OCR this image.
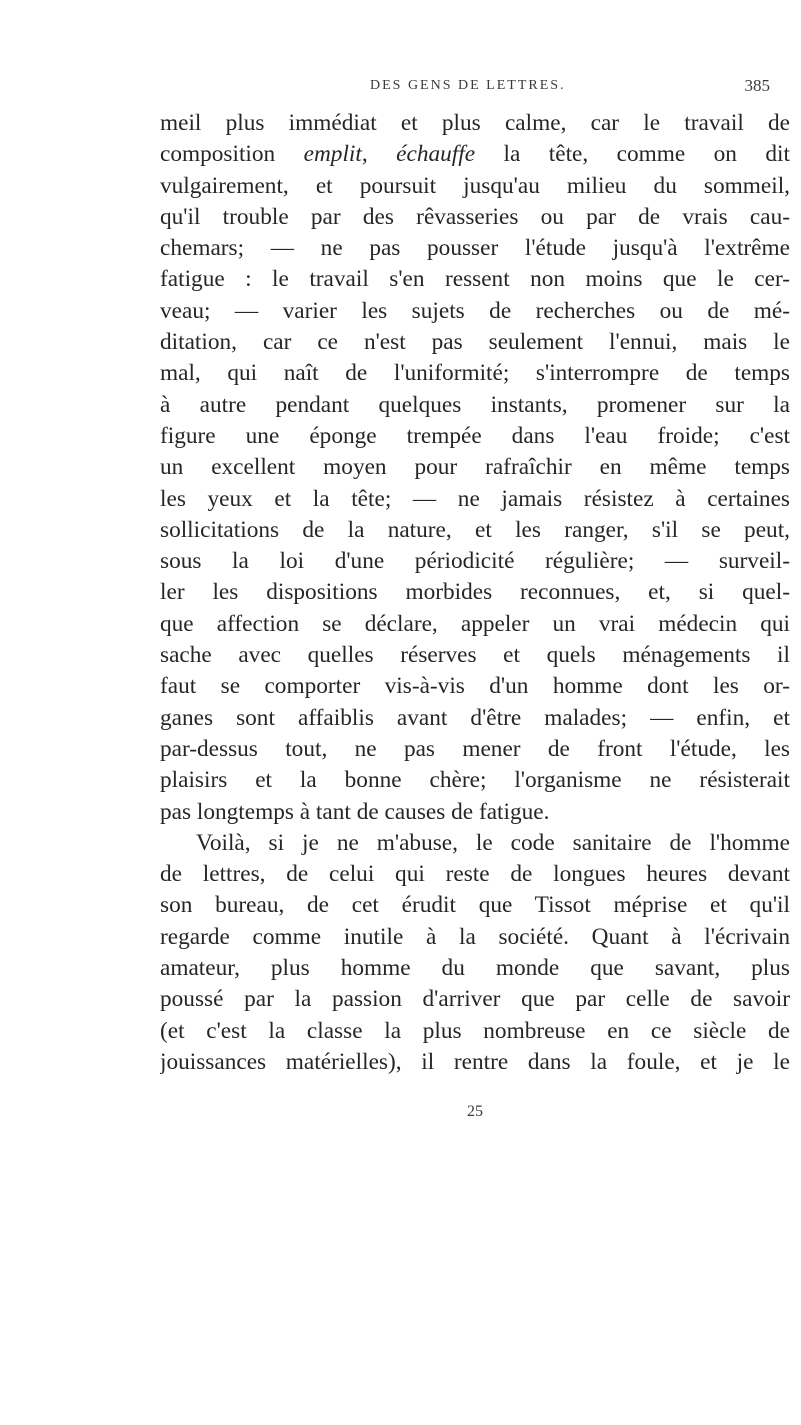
DES GENS DE LETTRES.	385
meil plus immédiat et plus calme, car le travail de
composition emplit, échauffe la tête, comme on dit
vulgairement, et poursuit jusqu'au milieu du sommeil,
qu'il trouble par des rêvasseries ou par de vrais cau-
chemars; — ne pas pousser l'étude jusqu'à l'extrême
fatigue : le travail s'en ressent non moins que le cer-
veau; — varier les sujets de recherches ou de mé-
ditation, car ce n'est pas seulement l'ennui, mais le
mal, qui naît de l'uniformité; s'interrompre de temps
à autre pendant quelques instants, promener sur la
figure une éponge trempée dans l'eau froide; c'est
un excellent moyen pour rafraîchir en même temps
les yeux et la tête; — ne jamais résistez à certaines
sollicitations de la nature, et les ranger, s'il se peut,
sous la loi d'une périodicité régulière; — surveil-
ler les dispositions morbides reconnues, et, si quel-
que affection se déclare, appeler un vrai médecin qui
sache avec quelles réserves et quels ménagements il
faut se comporter vis-à-vis d'un homme dont les or-
ganes sont affaiblis avant d'être malades; — enfin, et
par-dessus tout, ne pas mener de front l'étude, les
plaisirs et la bonne chère; l'organisme ne résisterait
pas longtemps à tant de causes de fatigue.
Voilà, si je ne m'abuse, le code sanitaire de l'homme
de lettres, de celui qui reste de longues heures devant
son bureau, de cet érudit que Tissot méprise et qu'il
regarde comme inutile à la société. Quant à l'écrivain
amateur, plus homme du monde que savant, plus
poussé par la passion d'arriver que par celle de savoir
(et c'est la classe la plus nombreuse en ce siècle de
jouissances matérielles), il rentre dans la foule, et je le
25
